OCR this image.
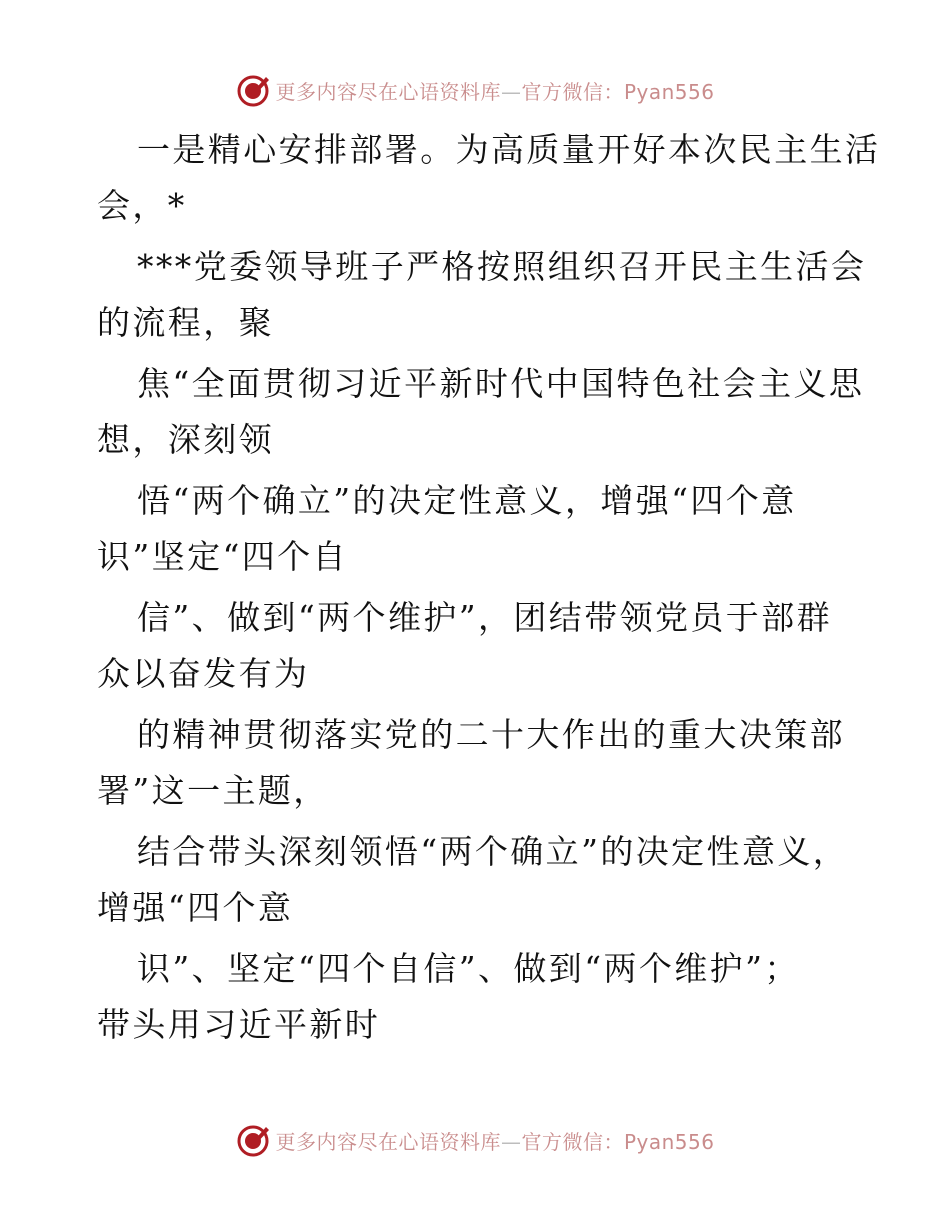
更多内容尽在心语资料库—官方微信：Pyan556
一是精心安排部署。为高质量开好本次民主生活
会，*
***党委领导班子严格按照组织召开民主生活会
的流程，聚
焦“全面贯彻习近平新时代中国特色社会主义思
想，深刻领
悟“两个确立”的决定性意义，增强“四个意
识”坚定“四个自
信”、做到“两个维护”，团结带领党员于部群
众以奋发有为
的精神贯彻落实党的二十大作出的重大决策部
署”这一主题，
结合带头深刻领悟“两个确立”的决定性意义，
增强“四个意
识”、坚定“四个自信”、做到“两个维护”；
带头用习近平新时
更多内容尽在心语资料库—官方微信：Pyan556
